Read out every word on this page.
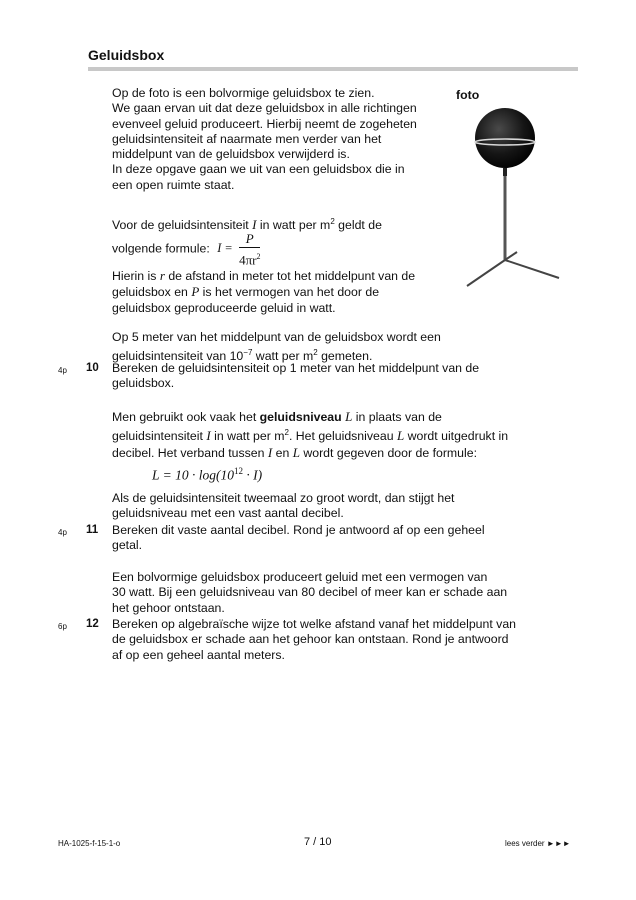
Geluidsbox
foto
Op de foto is een bolvormige geluidsbox te zien.
We gaan ervan uit dat deze geluidsbox in alle richtingen
evenveel geluid produceert. Hierbij neemt de zogeheten
geluidsintensiteit af naarmate men verder van het
middelpunt van de geluidsbox verwijderd is.
In deze opgave gaan we uit van een geluidsbox die in
een open ruimte staat.
Voor de geluidsintensiteit I in watt per $m^2$ geldt de
volgende formule: $I = \frac{P}{4\pi r^2}$
Hierin is r de afstand in meter tot het middelpunt van de
geluidsbox en P is het vermogen van het door de
geluidsbox geproduceerde geluid in watt.
Op 5 meter van het middelpunt van de geluidsbox wordt een
geluidsintensiteit van $10^{-7}$ watt per $m^2$ gemeten.
4p 10 Bereken de geluidsintensiteit op 1 meter van het middelpunt van de
geluidsbox.
Men gebruikt ook vaak het geluidsniveau L in plaats van de
geluidsintensiteit I in watt per $m^2$. Het geluidsniveau L wordt uitgedrukt in
decibel. Het verband tussen I en L wordt gegeven door de formule:
$L = 10 \cdot \log(10^{12} \cdot I)$
Als de geluidsintensiteit tweemaal zo groot wordt, dan stijgt het
geluidsniveau met een vast aantal decibel.
4p 11 Bereken dit vaste aantal decibel. Rond je antwoord af op een geheel
getal.
Een bolvormige geluidsbox produceert geluid met een vermogen van
30 watt. Bij een geluidsniveau van 80 decibel of meer kan er schade aan
het gehoor ontstaan.
6p 12 Bereken op algebraïsche wijze tot welke afstand vanaf het middelpunt van
de geluidsbox er schade aan het gehoor kan ontstaan. Rond je antwoord
af op een geheel aantal meters.
HA-1025-f-15-1-o	7 / 10	lees verder ►►►
